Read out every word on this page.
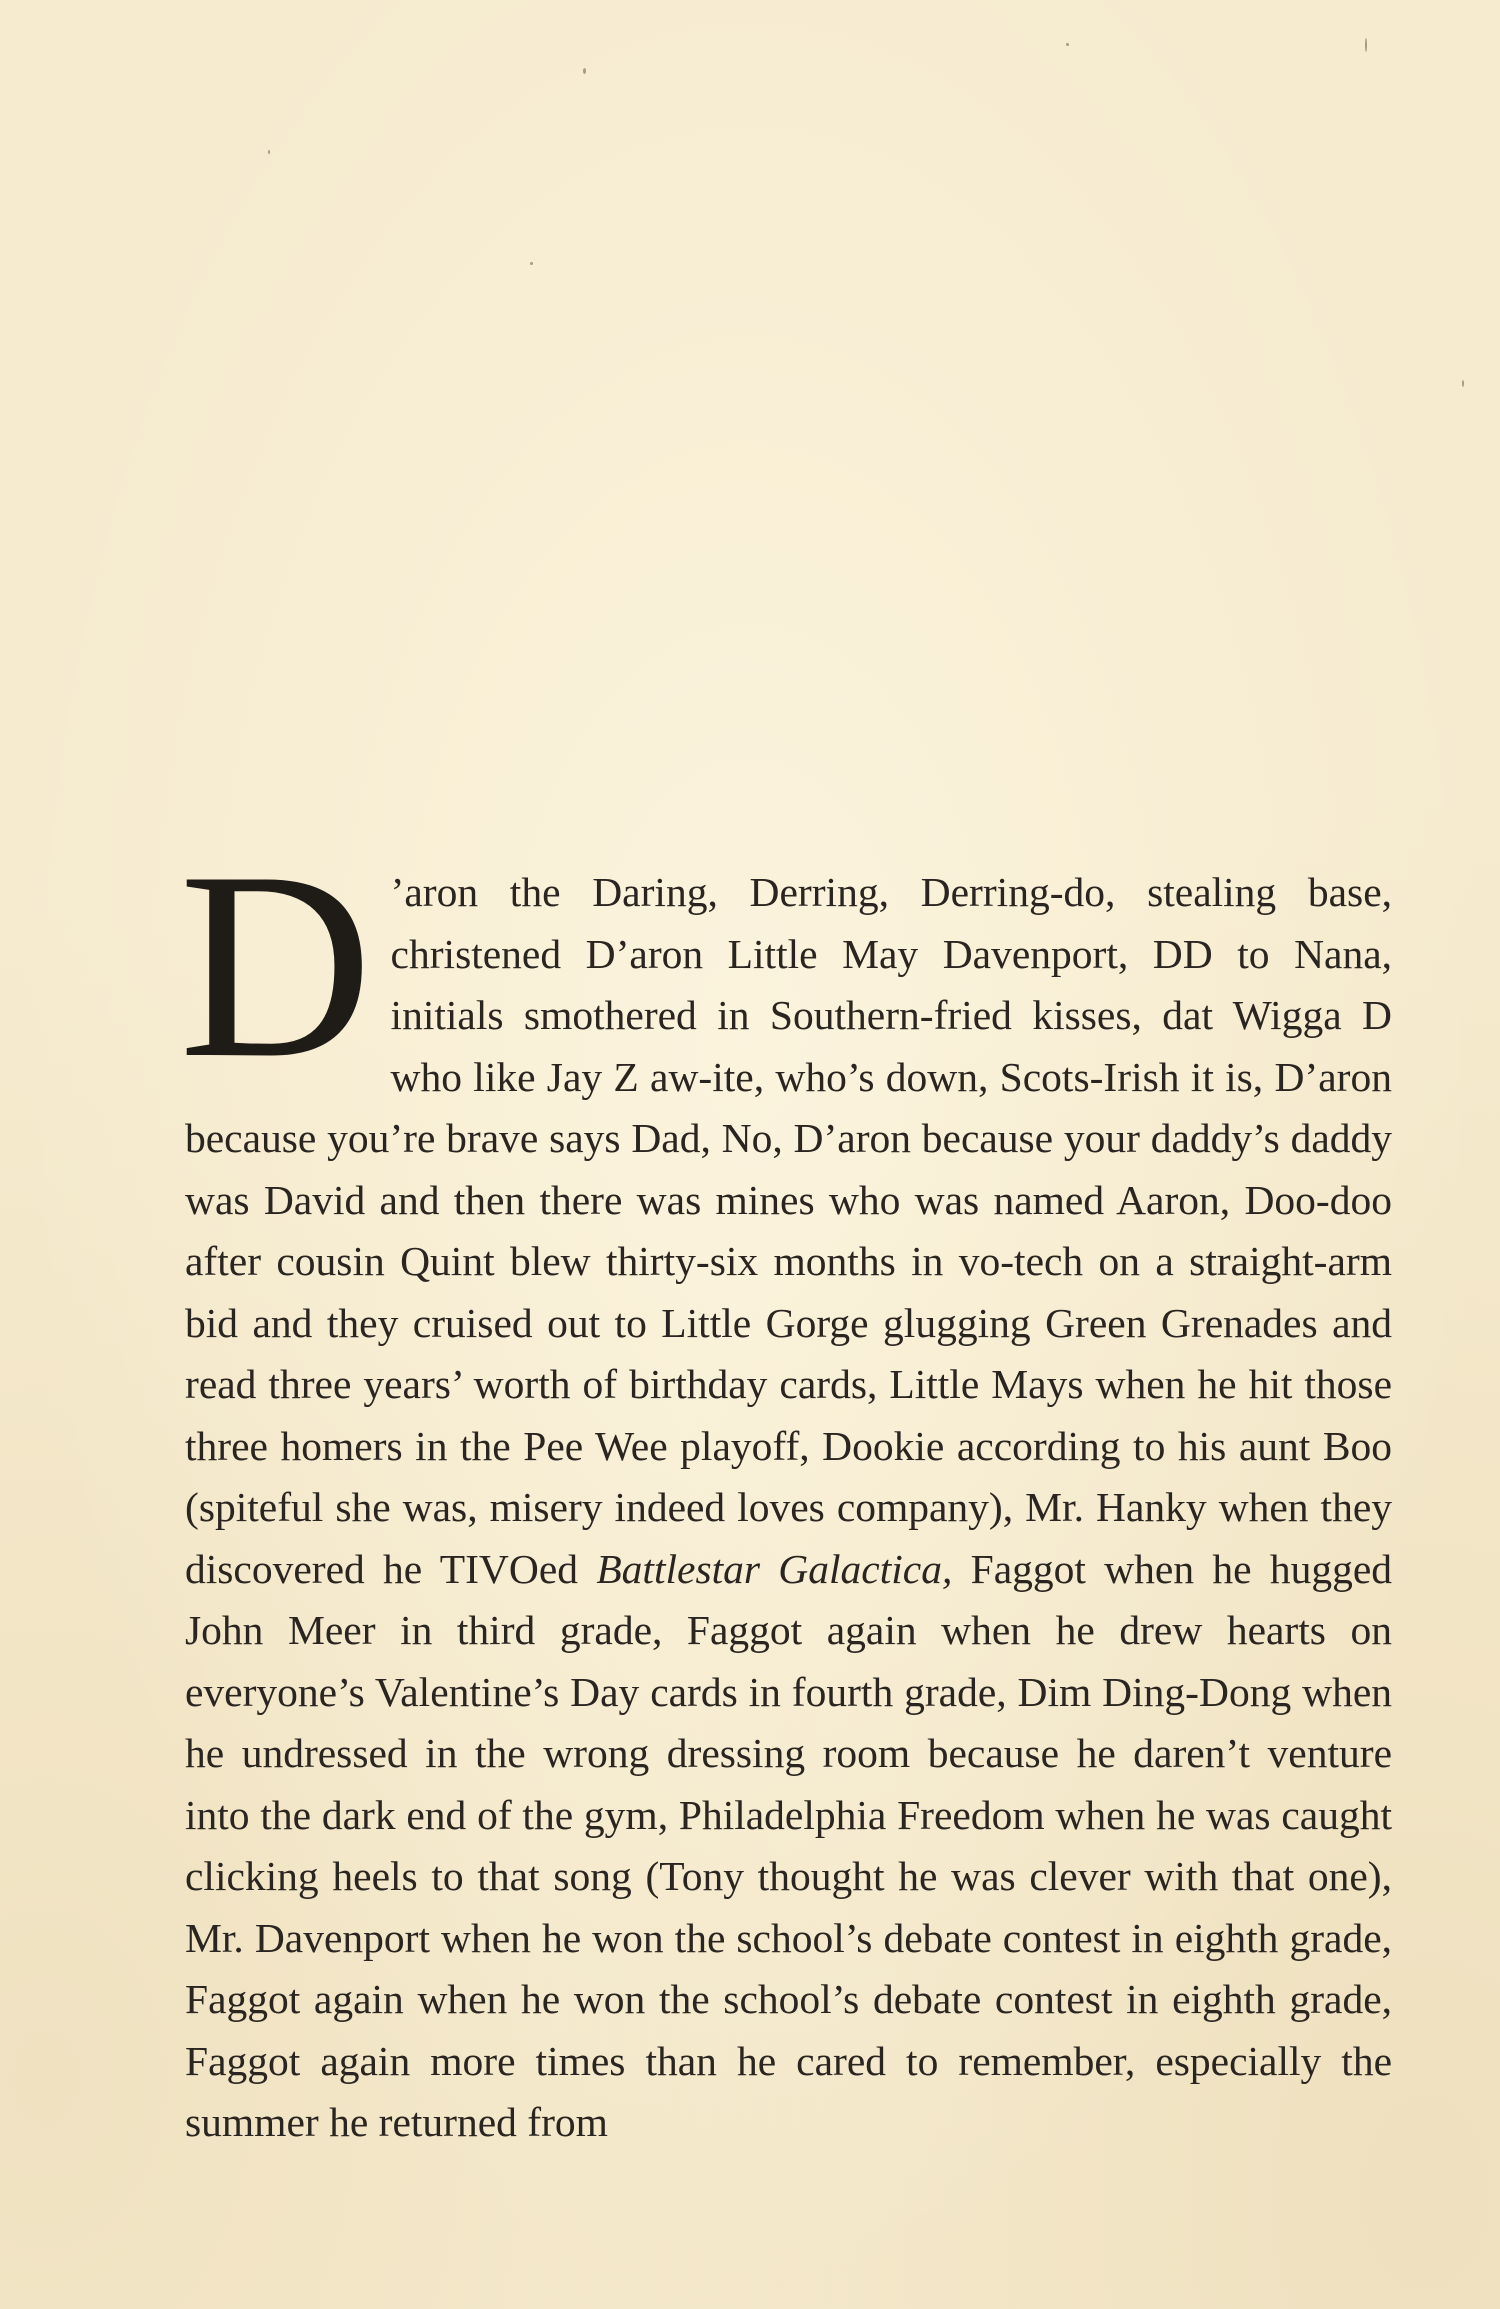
D ’aron the Daring, Derring, Derring-do, stealing base, christened D’aron Little May Davenport, DD to Nana, initials smothered in Southern-fried kisses, dat Wigga D who like Jay Z aw-ite, who’s down, Scots-Irish it is, D’aron because you’re brave says Dad, No, D’aron because your daddy’s daddy was David and then there was mines who was named Aaron, Doo-doo after cousin Quint blew thirty-six months in vo-tech on a straight-arm bid and they cruised out to Little Gorge glugging Green Grenades and read three years’ worth of birthday cards, Little Mays when he hit those three homers in the Pee Wee playoff, Dookie according to his aunt Boo (spiteful she was, misery indeed loves company), Mr. Hanky when they discovered he TIVOed Battlestar Galactica, Faggot when he hugged John Meer in third grade, Faggot again when he drew hearts on everyone’s Valentine’s Day cards in fourth grade, Dim Ding-Dong when he undressed in the wrong dressing room because he daren’t venture into the dark end of the gym, Philadelphia Freedom when he was caught clicking heels to that song (Tony thought he was clever with that one), Mr. Davenport when he won the school’s debate contest in eighth grade, Faggot again when he won the school’s debate contest in eighth grade, Faggot again more times than he cared to remember, especially the summer he returned from
